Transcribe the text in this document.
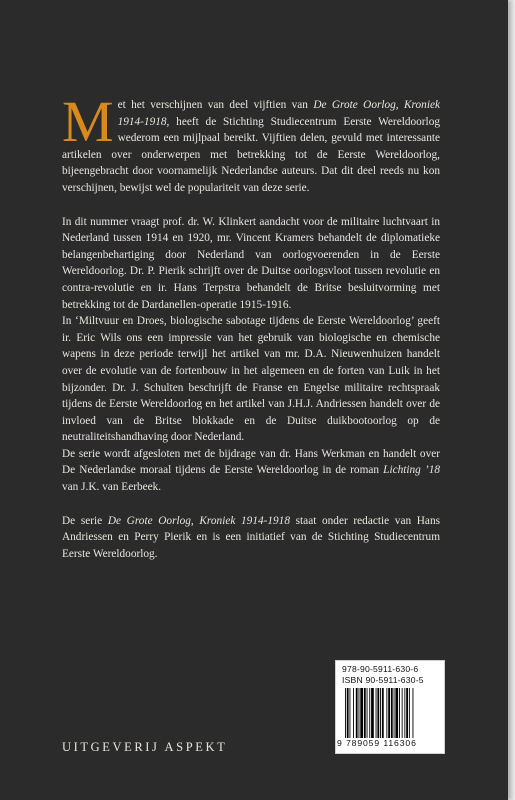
Met het verschijnen van deel vijftien van De Grote Oorlog, Kroniek 1914-1918, heeft de Stichting Studiecentrum Eerste Wereldoorlog wederom een mijlpaal bereikt. Vijftien delen, gevuld met interessante artikelen over onderwerpen met betrekking tot de Eerste Wereldoorlog, bijeengebracht door voornamelijk Nederlandse auteurs. Dat dit deel reeds nu kon verschijnen, bewijst wel de populariteit van deze serie.

In dit nummer vraagt prof. dr. W. Klinkert aandacht voor de militaire luchtvaart in Nederland tussen 1914 en 1920, mr. Vincent Kramers behandelt de diplomatieke belangenbehartiging door Nederland van oorlogvoerenden in de Eerste Wereldoorlog. Dr. P. Pierik schrijft over de Duitse oorlogsvloot tussen revolutie en contra-revolutie en ir. Hans Terpstra behandelt de Britse besluitvorming met betrekking tot de Dardanellen-operatie 1915-1916.

In ‘Miltvuur en Droes, biologische sabotage tijdens de Eerste Wereldoorlog’ geeft ir. Eric Wils ons een impressie van het gebruik van biologische en chemische wapens in deze periode terwijl het artikel van mr. D.A. Nieuwenhuizen handelt over de evolutie van de fortenbouw in het algemeen en de forten van Luik in het bijzonder. Dr. J. Schulten beschrijft de Franse en Engelse militaire rechtspraak tijdens de Eerste Wereldoorlog en het artikel van J.H.J. Andriessen handelt over de invloed van de Britse blokkade en de Duitse duikbootoorlog op de neutraliteitshandhaving door Nederland.

De serie wordt afgesloten met de bijdrage van dr. Hans Werkman en handelt over De Nederlandse moraal tijdens de Eerste Wereldoorlog in de roman Lichting ’18 van J.K. van Eerbeek.

De serie De Grote Oorlog, Kroniek 1914-1918 staat onder redactie van Hans Andriessen en Perry Pierik en is een initiatief van de Stichting Studiecentrum Eerste Wereldoorlog.

UITGEVERIJ ASPEKT
978-90-5911-630-6
ISBN 90-5911-630-5
9 789059 116306
